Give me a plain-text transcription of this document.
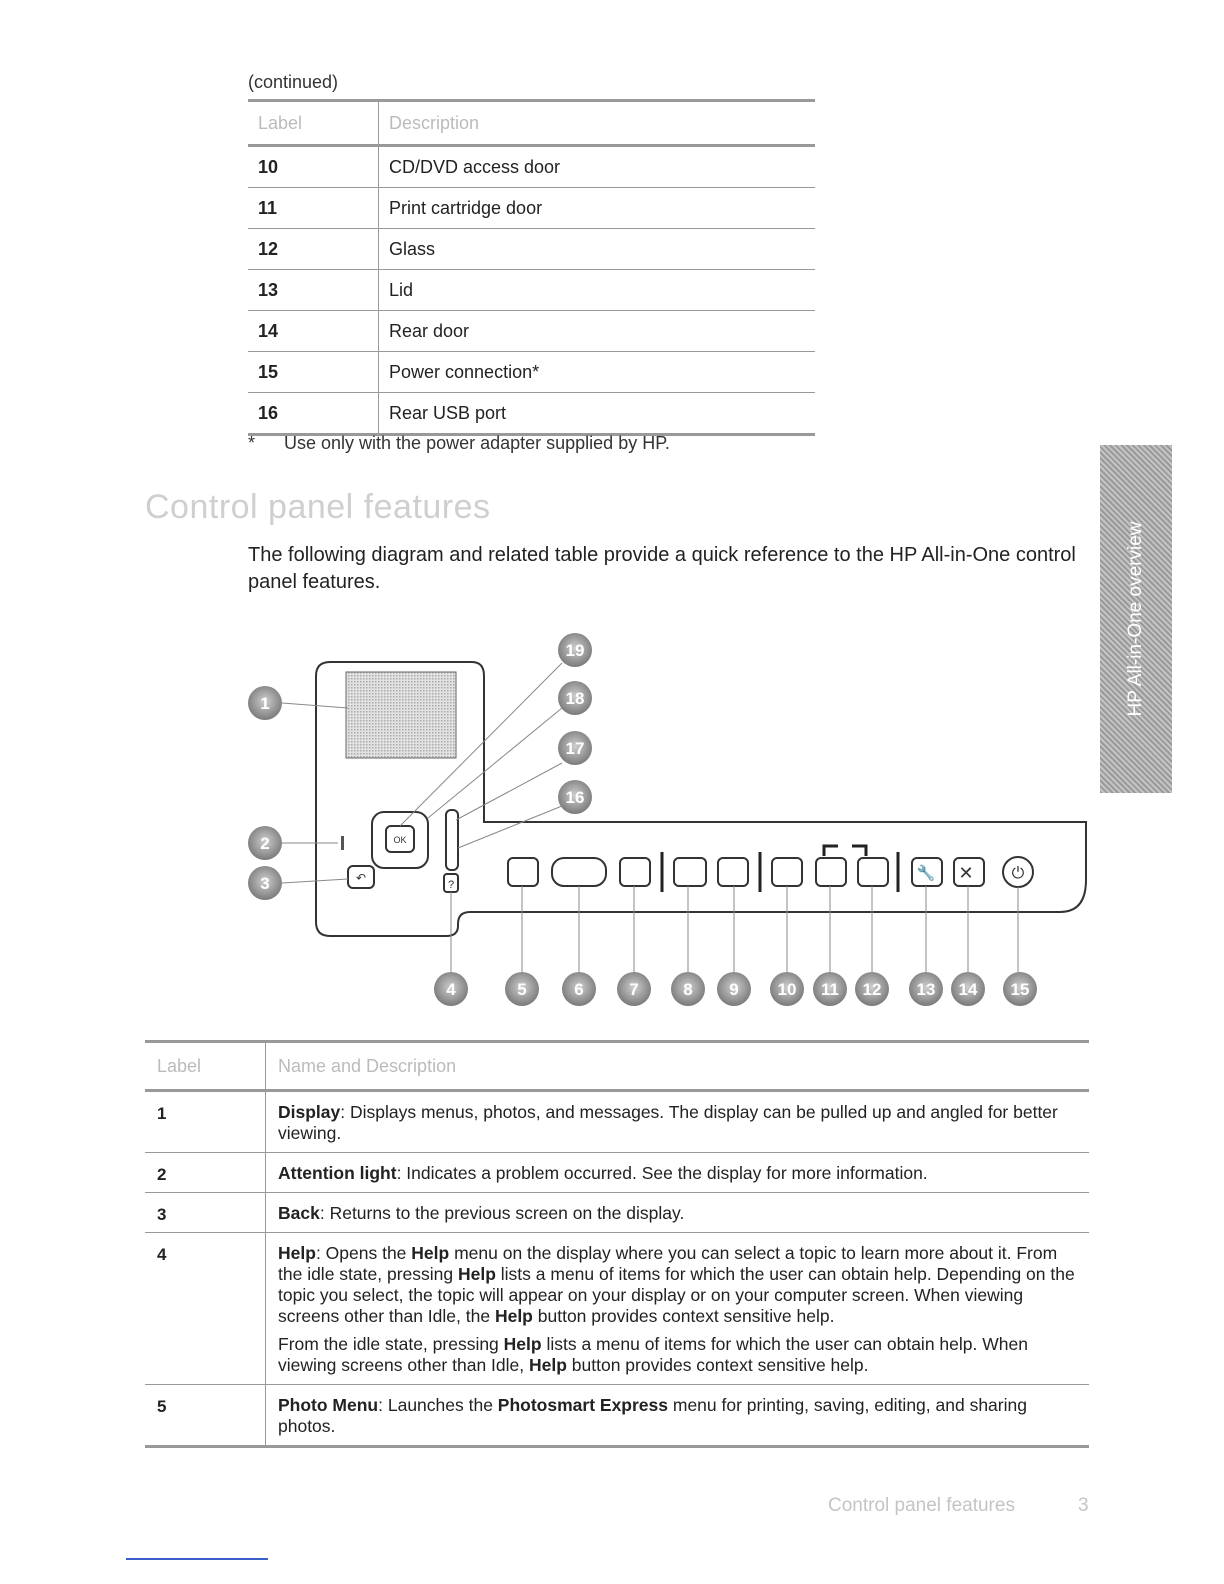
(continued)
Label	Description
10	CD/DVD access door
11	Print cartridge door
12	Glass
13	Lid
14	Rear door
15	Power connection*
16	Rear USB port
* Use only with the power adapter supplied by HP.
Control panel features
The following diagram and related table provide a quick reference to the HP All-in-One control panel features.	HP All-in-One overview
OK
↶	?
✕ ⏻
🔧
1
2
3
19
18
17
16
4	5	6	7	8 9 10 11 12 13 14 15
Label	Name and Description
1	Display: Displays menus, photos, and messages. The display can be pulled up and angled for better viewing.
2	Attention light: Indicates a problem occurred. See the display for more information.
3	Back: Returns to the previous screen on the display.
4	Help: Opens the Help menu on the display where you can select a topic to learn more about it. From the idle state, pressing Help lists a menu of items for which the user can obtain help. Depending on the topic you select, the topic will appear on your display or on your computer screen. When viewing screens other than Idle, the Help button provides context sensitive help.

From the idle state, pressing Help lists a menu of items for which the user can obtain help. When viewing screens other than Idle, Help button provides context sensitive help.

5	Photo Menu: Launches the Photosmart Express menu for printing, saving, editing, and sharing photos.
Control panel features	3
